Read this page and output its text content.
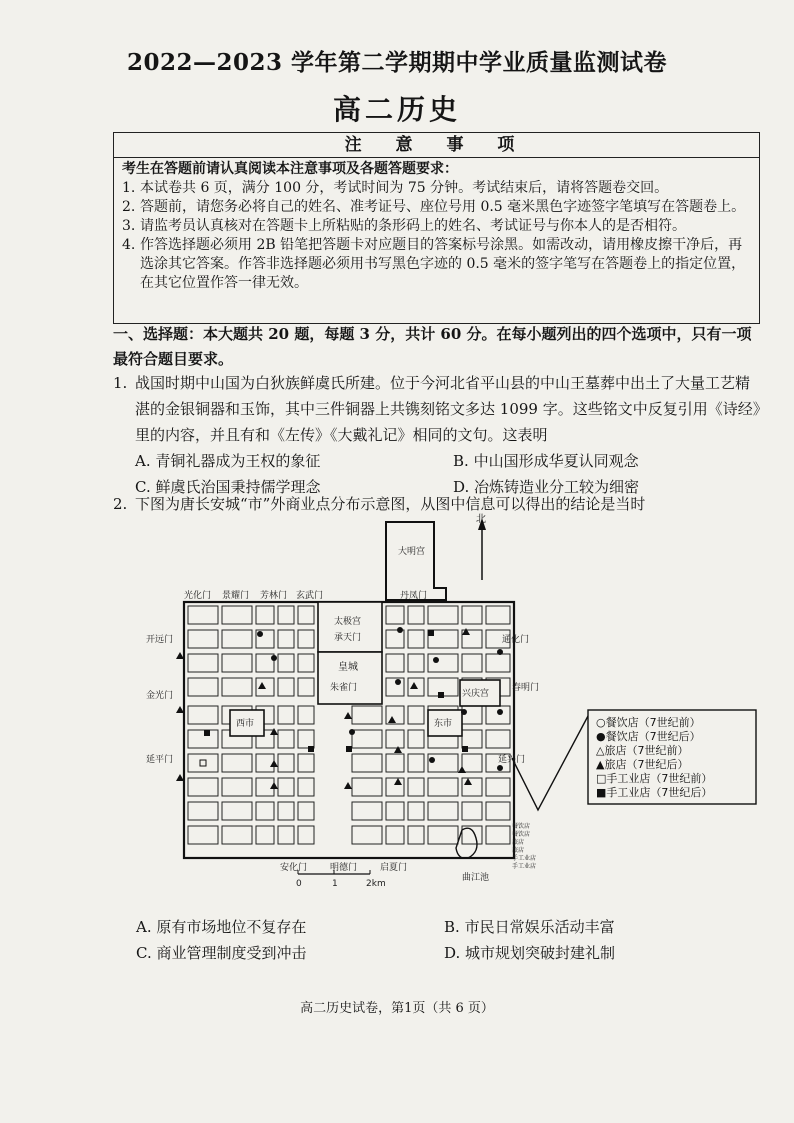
2022—2023 学年第二学期期中学业质量监测试卷
高二历史
注 意 事 项
考生在答题前请认真阅读本注意事项及各题答题要求：
1. 本试卷共 6 页，满分 100 分，考试时间为 75 分钟。考试结束后，请将答题卷交回。
2. 答题前，请您务必将自己的姓名、准考证号、座位号用 0.5 毫米黑色字迹签字笔填写在答题卷上。
3. 请监考员认真核对在答题卡上所粘贴的条形码上的姓名、考试证号与你本人的是否相符。
4. 作答选择题必须用 2B 铅笔把答题卡对应题目的答案标号涂黑。如需改动，请用橡皮擦干净后，再选涂其它答案。作答非选择题必须用书写黑色字迹的 0.5 毫米的签字笔写在答题卷上的指定位置，在其它位置作答一律无效。
一、选择题：本大题共 20 题，每题 3 分，共计 60 分。在每小题列出的四个选项中，只有一项最符合题目要求。
1. 战国时期中山国为白狄族鲜虞氏所建。位于今河北省平山县的中山王墓葬中出土了大量工艺精湛的金银铜器和玉饰，其中三件铜器上共镌刻铭文多达 1099 字。这些铭文中反复引用《诗经》里的内容，并且有和《左传》《大戴礼记》相同的文句。这表明
A. 青铜礼器成为王权的象征	B. 中山国形成华夏认同观念
C. 鲜虞氏治国秉持儒学理念	D. 冶炼铸造业分工较为细密
2. 下图为唐长安城“市”外商业点分布示意图，从图中信息可以得出的结论是当时
北
大明宫
太极宫
承天门
皇城
朱雀门
西市	东市
兴庆宫
曲江池
光化门 景耀门 芳林门 玄武门	丹凤门
开远门
金光门
延平门
通化门
春明门
延兴门
安化门	明德门	启夏门
0	1	2km
○餐饮店（7世纪前）
●餐饮店（7世纪后）
△旅店（7世纪前）
▲旅店（7世纪后）
□手工业店（7世纪前）
■手工业店（7世纪后）
餐饮店
餐饮店
旅店
旅店
手工业店
手工业店
A. 原有市场地位不复存在	B. 市民日常娱乐活动丰富
C. 商业管理制度受到冲击	D. 城市规划突破封建礼制
高二历史试卷，第1页（共 6 页）
